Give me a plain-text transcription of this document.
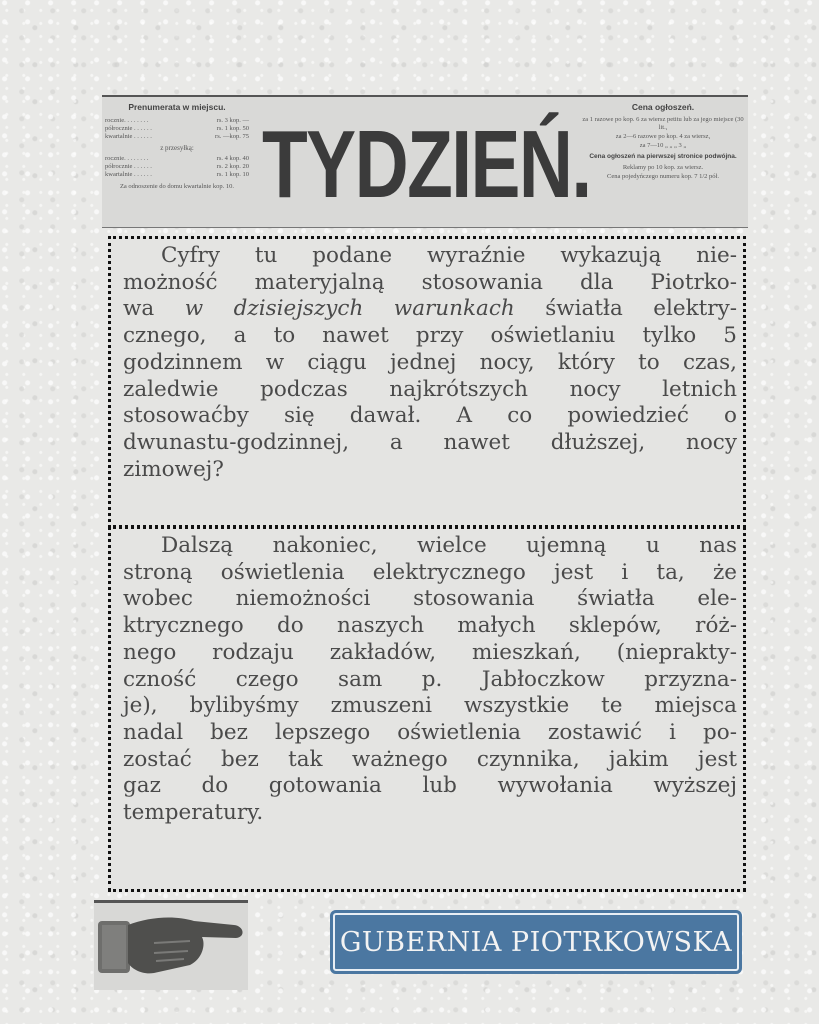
Prenumerata w miejscu.
rocznie. . . . . . . .	rs. 3 kop. —
półrocznie . . . . . .	rs. 1 kop. 50
kwartalnie . . . . . .	rs. —kop. 75
z przesyłką:
rocznie. . . . . . . .	rs. 4 kop. 40
półrocznie . . . . . .	rs. 2 kop. 20
kwartalnie . . . . . .	rs. 1 kop. 10
Za odnoszenie do domu kwartalnie kop. 10. TYDZIEŃ.
Cena ogłoszeń.

za 1 razowe po kop. 6 za wiersz petitu lub za jego miejsce (30 lit.,

za 2—6 razowe po kop. 4 za wiersz,

za 7—10 „ „ „ 3 „

Cena ogłoszeń na pierwszej stronice podwójna.

Reklamy po 10 kop. za wiersz.

Cena pojedyńczego numeru kop. 7 1/2 pół.

Cyfry tu podane wyraźnie wykazują nie-
możność materyjalną stosowania dla Piotrko-
wa w dzisiejszych warunkach światła elektry-
cznego, a to nawet przy oświetlaniu tylko 5
godzinnem w ciągu jednej nocy, który to czas,
zaledwie podczas najkrótszych nocy letnich
stosowaćby się dawał. A co powiedzieć o
dwunastu-godzinnej, a nawet dłuższej, nocy
zimowej?
Dalszą nakoniec, wielce ujemną u nas
stroną oświetlenia elektrycznego jest i ta, że
wobec niemożności stosowania światła ele-
ktrycznego do naszych małych sklepów, róż-
nego rodzaju zakładów, mieszkań, (niepraktу-
czność czego sam p. Jabłoczkow przyzna-
je), bylibyśmy zmuszeni wszystkie te miejsca
nadal bez lepszego oświetlenia zostawić i po-
zostać bez tak ważnego czynnika, jakim jest
gaz do gotowania lub wywołania wyższej
temperatury.
GUBERNIA PIOTRKOWSKA
